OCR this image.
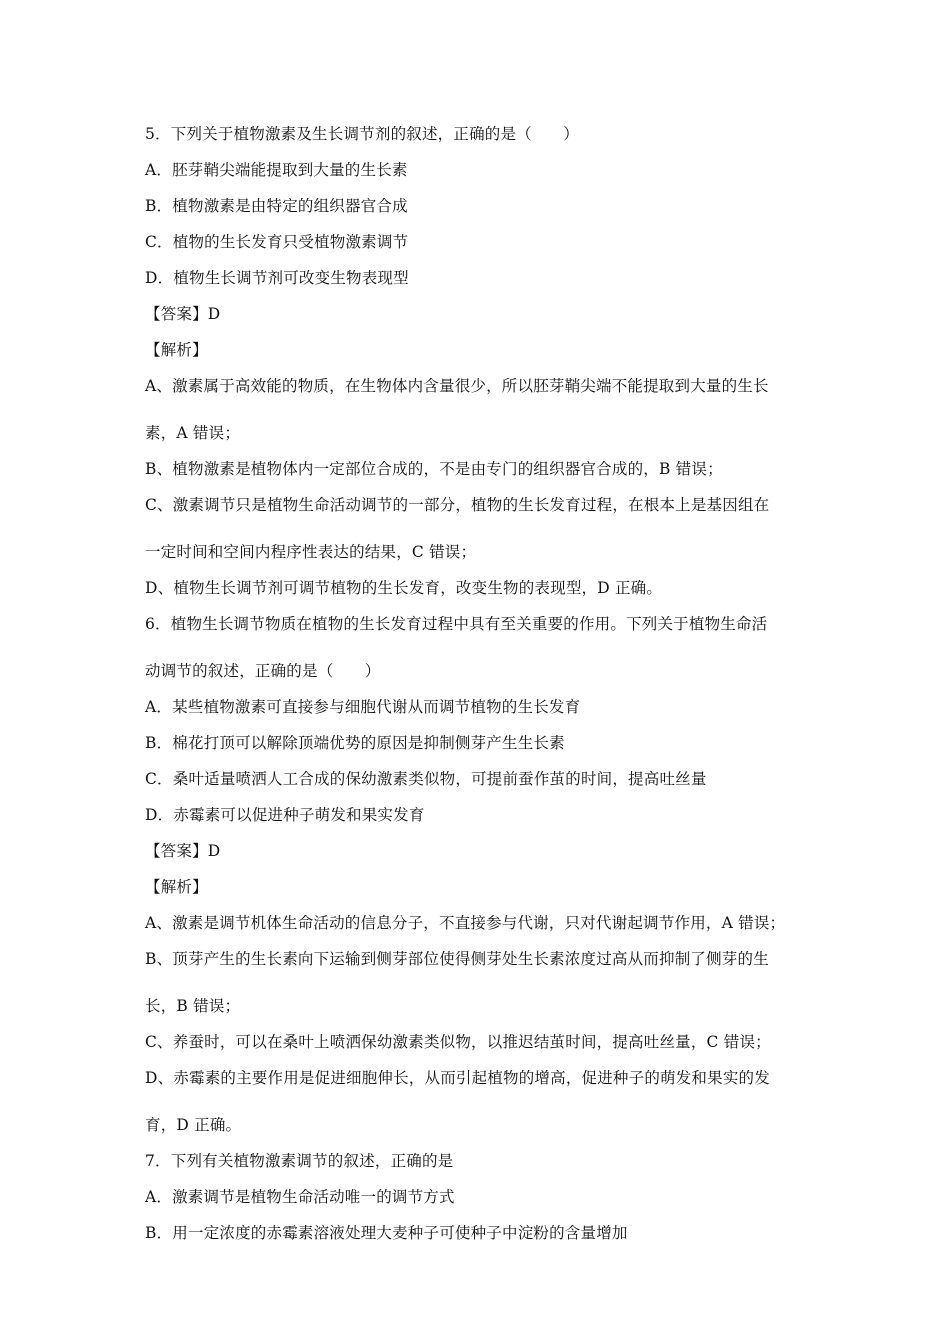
5．下列关于植物激素及生长调节剂的叙述，正确的是（　　）
A．胚芽鞘尖端能提取到大量的生长素
B．植物激素是由特定的组织器官合成
C．植物的生长发育只受植物激素调节
D．植物生长调节剂可改变生物表现型
【答案】D
【解析】
A、激素属于高效能的物质，在生物体内含量很少，所以胚芽鞘尖端不能提取到大量的生长
素，A 错误；
B、植物激素是植物体内一定部位合成的，不是由专门的组织器官合成的，B 错误；
C、激素调节只是植物生命活动调节的一部分，植物的生长发育过程，在根本上是基因组在
一定时间和空间内程序性表达的结果，C 错误；
D、植物生长调节剂可调节植物的生长发育，改变生物的表现型，D 正确。
6．植物生长调节物质在植物的生长发育过程中具有至关重要的作用。下列关于植物生命活
动调节的叙述，正确的是（　　）
A．某些植物激素可直接参与细胞代谢从而调节植物的生长发育
B．棉花打顶可以解除顶端优势的原因是抑制侧芽产生生长素
C．桑叶适量喷洒人工合成的保幼激素类似物，可提前蚕作茧的时间，提高吐丝量
D．赤霉素可以促进种子萌发和果实发育
【答案】D
【解析】
A、激素是调节机体生命活动的信息分子，不直接参与代谢，只对代谢起调节作用，A 错误；
B、顶芽产生的生长素向下运输到侧芽部位使得侧芽处生长素浓度过高从而抑制了侧芽的生
长，B 错误；
C、养蚕时，可以在桑叶上喷洒保幼激素类似物，以推迟结茧时间，提高吐丝量，C 错误；
D、赤霉素的主要作用是促进细胞伸长，从而引起植物的增高，促进种子的萌发和果实的发
育，D 正确。
7．下列有关植物激素调节的叙述，正确的是
A．激素调节是植物生命活动唯一的调节方式
B．用一定浓度的赤霉素溶液处理大麦种子可使种子中淀粉的含量增加
